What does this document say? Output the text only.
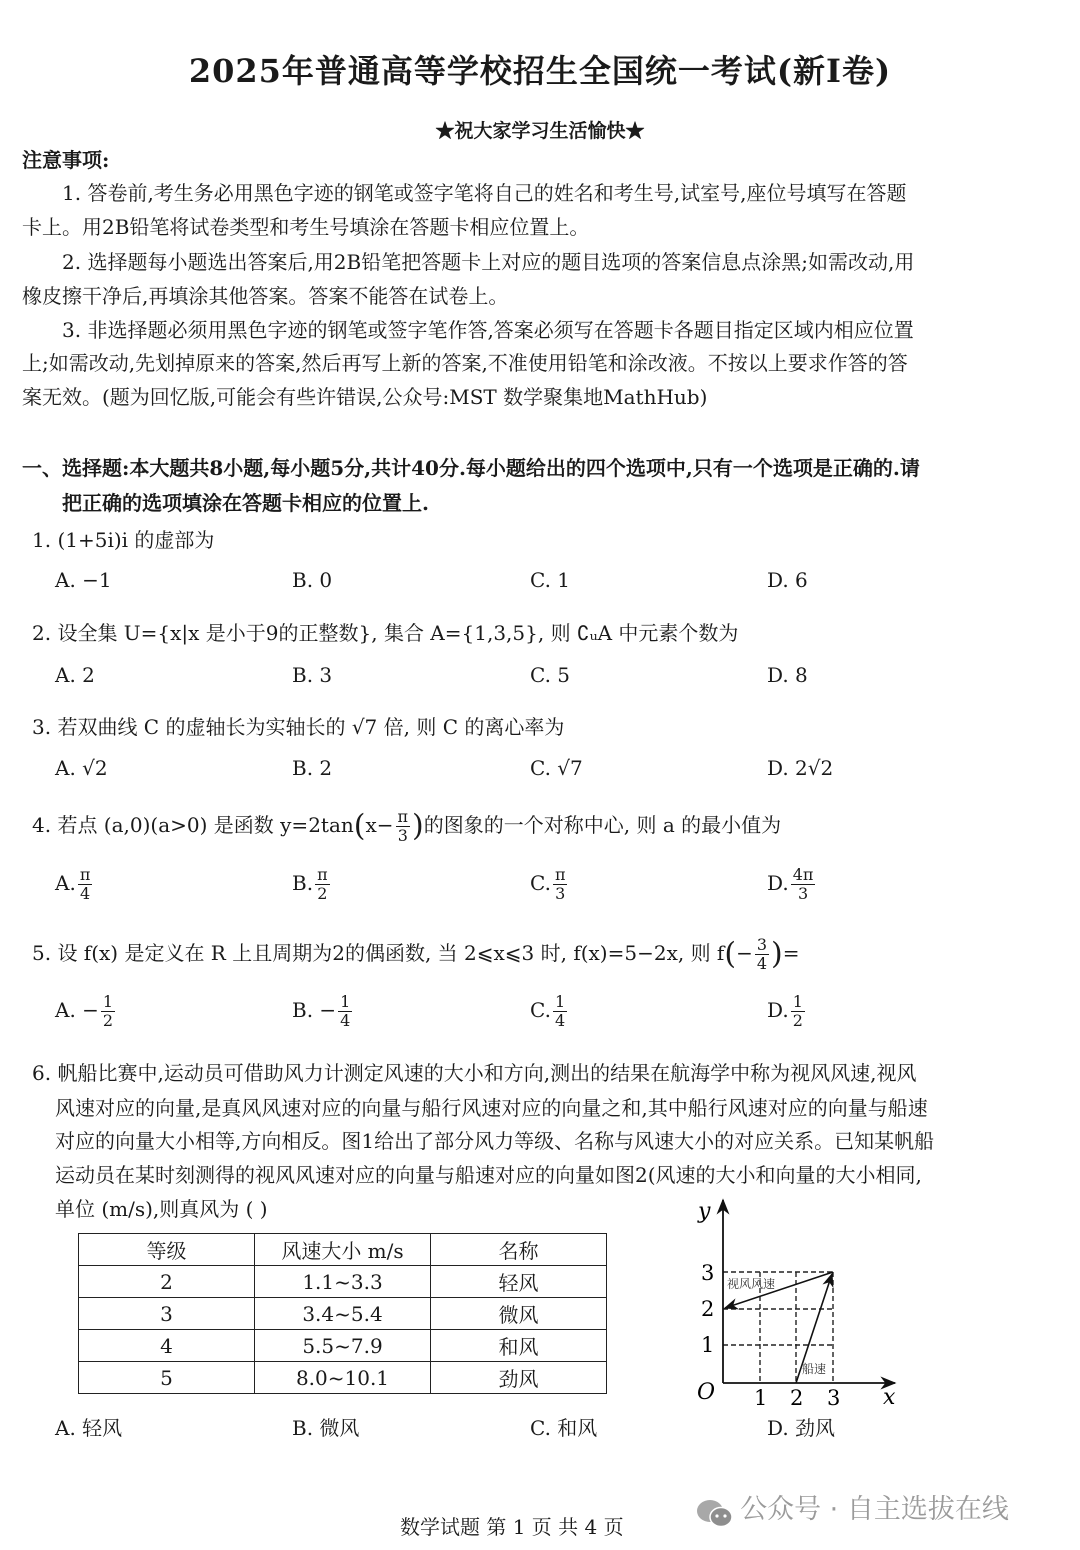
2025年普通高等学校招生全国统一考试(新Ⅰ卷)
★祝大家学习生活愉快★
注意事项:
1. 答卷前,考生务必用黑色字迹的钢笔或签字笔将自己的姓名和考生号,试室号,座位号填写在答题
卡上。用2B铅笔将试卷类型和考生号填涂在答题卡相应位置上。
2. 选择题每小题选出答案后,用2B铅笔把答题卡上对应的题目选项的答案信息点涂黑;如需改动,用
橡皮擦干净后,再填涂其他答案。答案不能答在试卷上。
3. 非选择题必须用黑色字迹的钢笔或签字笔作答,答案必须写在答题卡各题目指定区域内相应位置
上;如需改动,先划掉原来的答案,然后再写上新的答案,不准使用铅笔和涂改液。不按以上要求作答的答
案无效。(题为回忆版,可能会有些许错误,公众号:MST 数学聚集地MathHub)
一、选择题:本大题共8小题,每小题5分,共计40分.每小题给出的四个选项中,只有一个选项是正确的.请
把正确的选项填涂在答题卡相应的位置上.
1. (1+5i)i 的虚部为
A. −1	B. 0	C. 1	D. 6
2. 设全集 U={x|x 是小于9的正整数}, 集合 A={1,3,5}, 则 ∁ᵤA 中元素个数为
A. 2	B. 3	C. 5	D. 8
3. 若双曲线 C 的虚轴长为实轴长的 √7 倍, 则 C 的离心率为
A. √2	B. 2	C. √7	D. 2√2
4. 若点 (a,0)(a>0) 是函数 $y=2\tan(x- \frac{\pi}{3}$ )的图象的一个对称中心, 则 a 的最小值为
A. $\frac{\pi}{4}$	B. $\frac{\pi}{2}$	C. $\frac{\pi}{3}$	D. $\frac{4\pi}{3}$
5. 设 f(x) 是定义在 R 上且周期为2的偶函数, 当 2⩽x⩽3 时, f(x)=5−2x, 则 $f(- \frac{3}{4}$ )=
A. − $\frac{1}{2}$	B. − $\frac{1}{4}$	C. $\frac{1}{4}$	D. $\frac{1}{2}$
6. 帆船比赛中,运动员可借助风力计测定风速的大小和方向,测出的结果在航海学中称为视风风速,视风
风速对应的向量,是真风风速对应的向量与船行风速对应的向量之和,其中船行风速对应的向量与船速
对应的向量大小相等,方向相反。图1给出了部分风力等级、名称与风速大小的对应关系。已知某帆船
运动员在某时刻测得的视风风速对应的向量与船速对应的向量如图2(风速的大小和向量的大小相同,
单位 (m/s),则真风为 ( )
等级	风速大小 m/s	名称
2	1.1~3.3	轻风
3	3.4~5.4	微风
4	5.5~7.9	和风
5	8.0~10.1	劲风
y
x
O 1 2 3
1
2
3 视风风速
船速
A. 轻风	B. 微风	C. 和风	D. 劲风
数学试题 第 1 页 共 4 页
公众号 · 自主选拔在线
